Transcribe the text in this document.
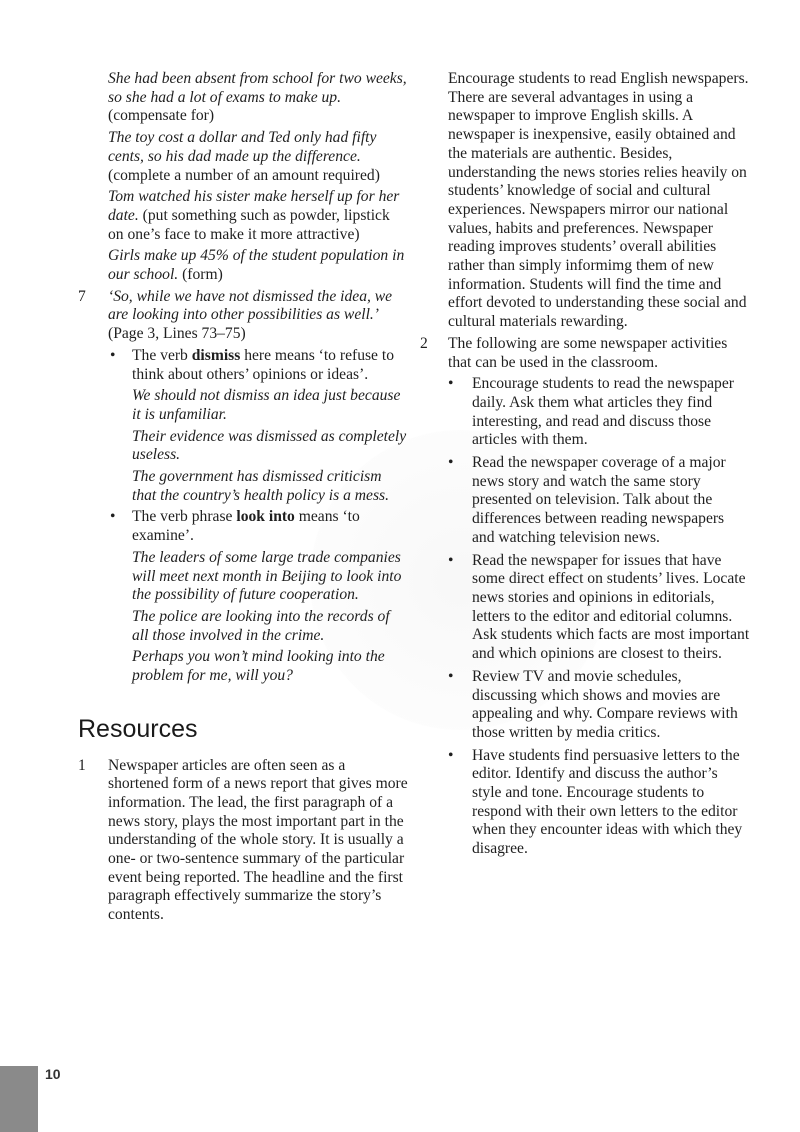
She had been absent from school for two weeks, so she had a lot of exams to make up. (compensate for)

The toy cost a dollar and Ted only had fifty cents, so his dad made up the difference. (complete a number of an amount required)

Tom watched his sister make herself up for her date. (put something such as powder, lipstick on one’s face to make it more attractive)

Girls make up 45% of the student population in our school. (form)

7 ‘So, while we have not dismissed the idea, we are looking into other possibilities as well.’ (Page 3, Lines 73–75)
• The verb dismiss here means ‘to refuse to think about others’ opinions or ideas’.

We should not dismiss an idea just because it is unfamiliar.

Their evidence was dismissed as completely useless.

The government has dismissed criticism that the country’s health policy is a mess.

• The verb phrase look into means ‘to examine’.

The leaders of some large trade companies will meet next month in Beijing to look into the possibility of future cooperation.

The police are looking into the records of all those involved in the crime.

Perhaps you won’t mind looking into the problem for me, will you?

Resources
1 Newspaper articles are often seen as a shortened form of a news report that gives more information. The lead, the first paragraph of a news story, plays the most important part in the understanding of the whole story. It is usually a one- or two-sentence summary of the particular event being reported. The headline and the first paragraph effectively summarize the story’s contents.

Encourage students to read English newspapers. There are several advantages in using a newspaper to improve English skills. A newspaper is inexpensive, easily obtained and the materials are authentic. Besides, understanding the news stories relies heavily on students’ knowledge of social and cultural experiences. Newspapers mirror our national values, habits and preferences. Newspaper reading improves students’ overall abilities rather than simply informimg them of new information. Students will find the time and effort devoted to understanding these social and cultural materials rewarding.

2 The following are some newspaper activities that can be used in the classroom.
• Encourage students to read the newspaper daily. Ask them what articles they find interesting, and read and discuss those articles with them.
• Read the newspaper coverage of a major news story and watch the same story presented on television. Talk about the differences between reading newspapers and watching television news.
• Read the newspaper for issues that have some direct effect on students’ lives. Locate news stories and opinions in editorials, letters to the editor and editorial columns. Ask students which facts are most important and which opinions are closest to theirs.
• Review TV and movie schedules, discussing which shows and movies are appealing and why. Compare reviews with those written by media critics.
• Have students find persuasive letters to the editor. Identify and discuss the author’s style and tone. Encourage students to respond with their own letters to the editor when they encounter ideas with which they disagree.
10
